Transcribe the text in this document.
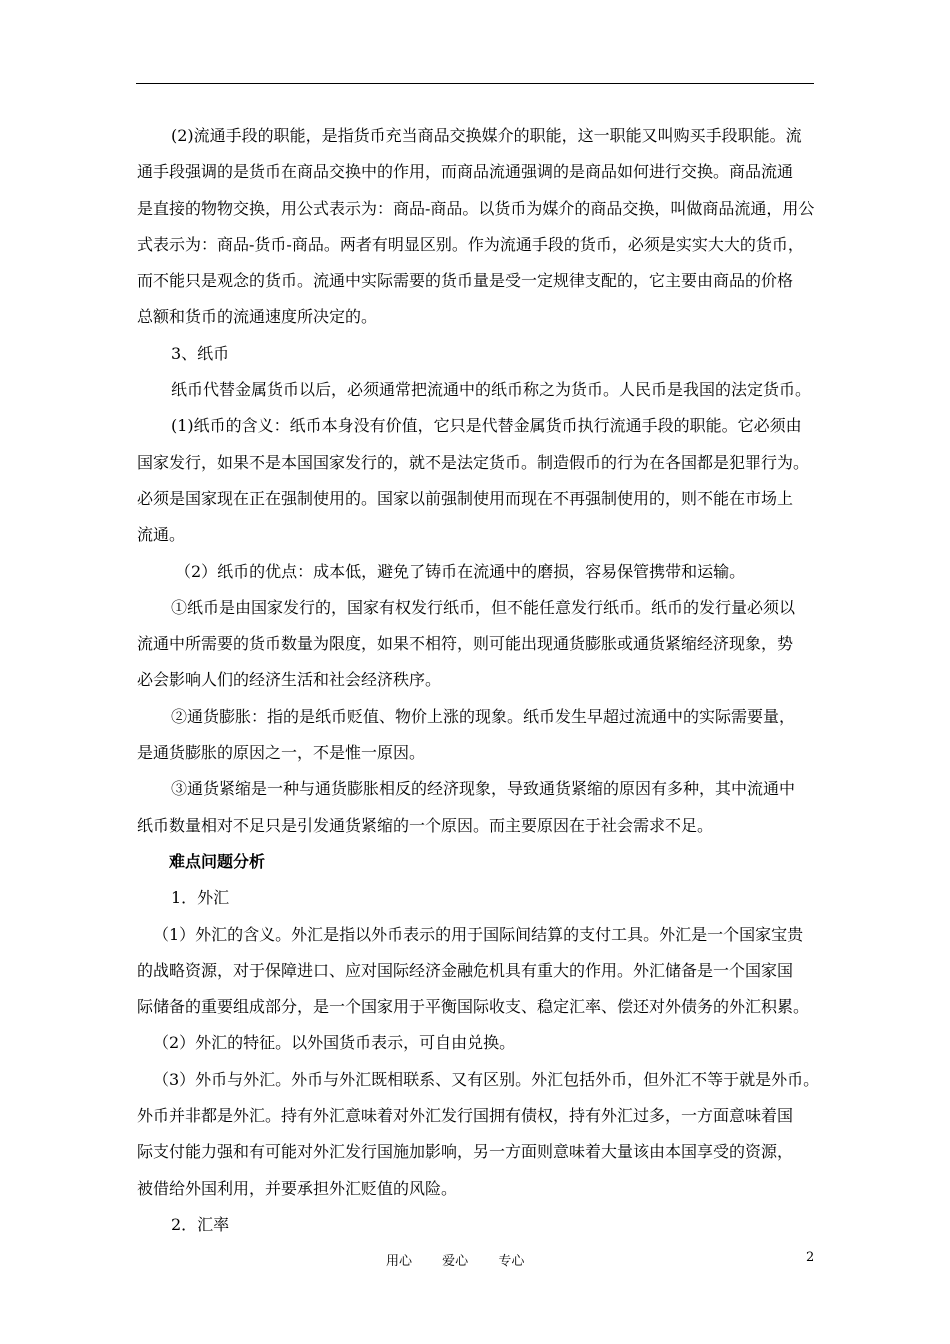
(2)流通手段的职能，是指货币充当商品交换媒介的职能，这一职能又叫购买手段职能。流
通手段强调的是货币在商品交换中的作用，而商品流通强调的是商品如何进行交换。商品流通
是直接的物物交换，用公式表示为：商品-商品。以货币为媒介的商品交换，叫做商品流通，用公
式表示为：商品-货币-商品。两者有明显区别。作为流通手段的货币，必须是实实大大的货币，
而不能只是观念的货币。流通中实际需要的货币量是受一定规律支配的，它主要由商品的价格
总额和货币的流通速度所决定的。
3、纸币
纸币代替金属货币以后，必须通常把流通中的纸币称之为货币。人民币是我国的法定货币。
(1)纸币的含义：纸币本身没有价值，它只是代替金属货币执行流通手段的职能。它必须由
国家发行，如果不是本国国家发行的，就不是法定货币。制造假币的行为在各国都是犯罪行为。
必须是国家现在正在强制使用的。国家以前强制使用而现在不再强制使用的，则不能在市场上
流通。
（2）纸币的优点：成本低，避免了铸币在流通中的磨损，容易保管携带和运输。
①纸币是由国家发行的，国家有权发行纸币，但不能任意发行纸币。纸币的发行量必须以
流通中所需要的货币数量为限度，如果不相符，则可能出现通货膨胀或通货紧缩经济现象，势
必会影响人们的经济生活和社会经济秩序。
②通货膨胀：指的是纸币贬值、物价上涨的现象。纸币发生早超过流通中的实际需要量，
是通货膨胀的原因之一，不是惟一原因。
③通货紧缩是一种与通货膨胀相反的经济现象，导致通货紧缩的原因有多种，其中流通中
纸币数量相对不足只是引发通货紧缩的一个原因。而主要原因在于社会需求不足。
难点问题分析
1．外汇
（1）外汇的含义。外汇是指以外币表示的用于国际间结算的支付工具。外汇是一个国家宝贵
的战略资源，对于保障进口、应对国际经济金融危机具有重大的作用。外汇储备是一个国家国
际储备的重要组成部分，是一个国家用于平衡国际收支、稳定汇率、偿还对外债务的外汇积累。
（2）外汇的特征。以外国货币表示，可自由兑换。
（3）外币与外汇。外币与外汇既相联系、又有区别。外汇包括外币，但外汇不等于就是外币。
外币并非都是外汇。持有外汇意味着对外汇发行国拥有债权，持有外汇过多，一方面意味着国
际支付能力强和有可能对外汇发行国施加影响，另一方面则意味着大量该由本国享受的资源，
被借给外国利用，并要承担外汇贬值的风险。
2．汇率
用心 爱心 专心	2
